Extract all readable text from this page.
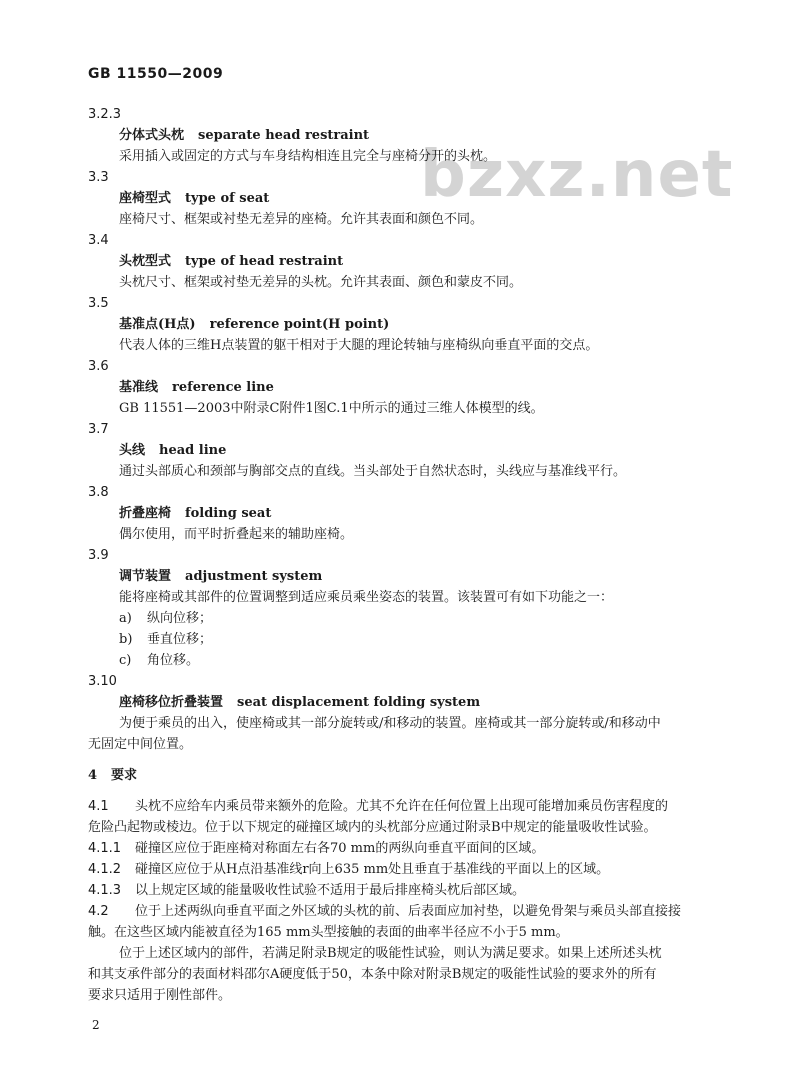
GB 11550—2009
bzxz.net
3.2.3
分体式头枕 separate head restraint
采用插入或固定的方式与车身结构相连且完全与座椅分开的头枕。
3.3
座椅型式 type of seat
座椅尺寸、框架或衬垫无差异的座椅。允许其表面和颜色不同。
3.4
头枕型式 type of head restraint
头枕尺寸、框架或衬垫无差异的头枕。允许其表面、颜色和蒙皮不同。
3.5
基准点(H点) reference point(H point)
代表人体的三维H点装置的躯干相对于大腿的理论转轴与座椅纵向垂直平面的交点。
3.6
基准线 reference line
GB 11551—2003中附录C附件1图C.1中所示的通过三维人体模型的线。
3.7
头线 head line
通过头部质心和颈部与胸部交点的直线。当头部处于自然状态时，头线应与基准线平行。
3.8
折叠座椅 folding seat
偶尔使用，而平时折叠起来的辅助座椅。
3.9
调节装置 adjustment system
能将座椅或其部件的位置调整到适应乘员乘坐姿态的装置。该装置可有如下功能之一：
a) 纵向位移；
b) 垂直位移；
c) 角位移。
3.10
座椅移位折叠装置 seat displacement folding system
为便于乘员的出入，使座椅或其一部分旋转或/和移动的装置。座椅或其一部分旋转或/和移动中
无固定中间位置。
4 要求
4.1 头枕不应给车内乘员带来额外的危险。尤其不允许在任何位置上出现可能增加乘员伤害程度的
危险凸起物或棱边。位于以下规定的碰撞区域内的头枕部分应通过附录B中规定的能量吸收性试验。
4.1.1 碰撞区应位于距座椅对称面左右各70 mm的两纵向垂直平面间的区域。
4.1.2 碰撞区应位于从H点沿基准线r向上635 mm处且垂直于基准线的平面以上的区域。
4.1.3 以上规定区域的能量吸收性试验不适用于最后排座椅头枕后部区域。
4.2 位于上述两纵向垂直平面之外区域的头枕的前、后表面应加衬垫，以避免骨架与乘员头部直接接
触。在这些区域内能被直径为165 mm头型接触的表面的曲率半径应不小于5 mm。
位于上述区域内的部件，若满足附录B规定的吸能性试验，则认为满足要求。如果上述所述头枕
和其支承件部分的表面材料邵尔A硬度低于50，本条中除对附录B规定的吸能性试验的要求外的所有
要求只适用于刚性部件。
2
